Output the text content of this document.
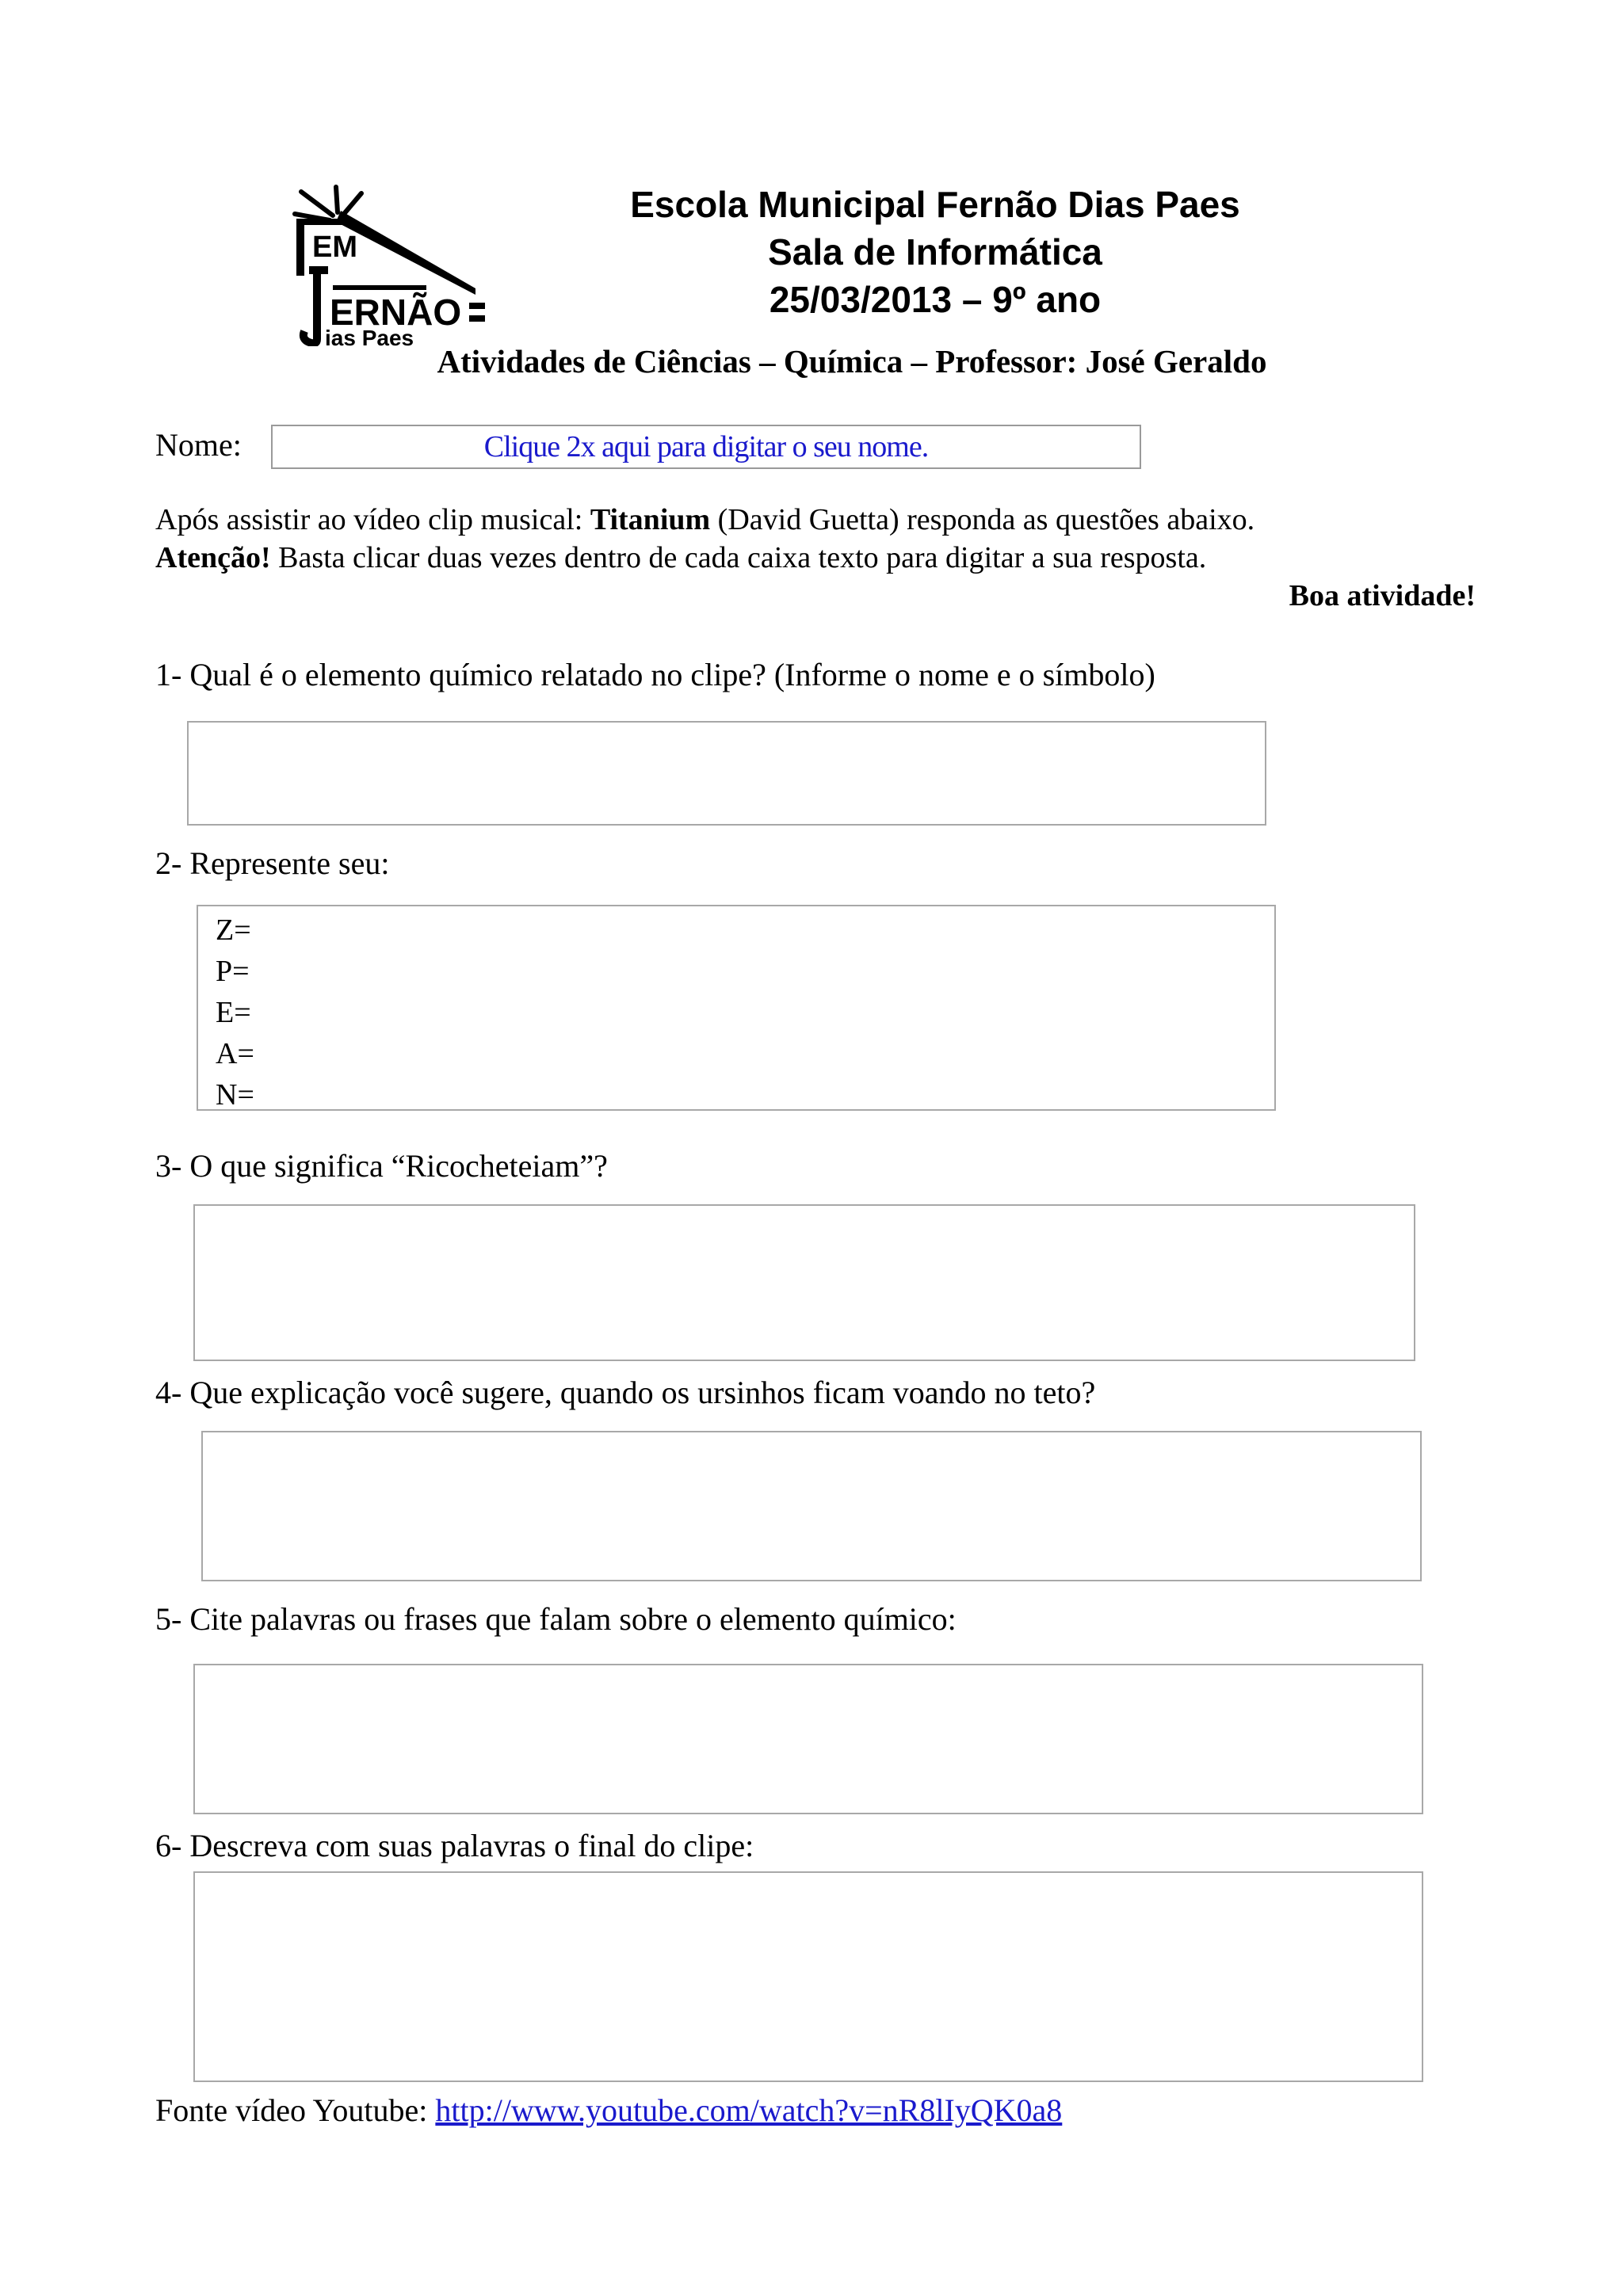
EM
ERNÃO
ias Paes
Escola Municipal Fernão Dias Paes
Sala de Informática
25/03/2013 – 9º ano
Atividades de Ciências – Química – Professor: José Geraldo
Nome:	Clique 2x aqui para digitar o seu nome.
Após assistir ao vídeo clip musical: Titanium (David Guetta) responda as questões abaixo.
Atenção! Basta clicar duas vezes dentro de cada caixa texto para digitar a sua resposta.
Boa atividade!
1- Qual é o elemento químico relatado no clipe? (Informe o nome e o símbolo)
2- Represente seu:
Z=
P=
E=
A=
N=
3- O que significa “Ricocheteiam”?
4- Que explicação você sugere, quando os ursinhos ficam voando no teto?
5- Cite palavras ou frases que falam sobre o elemento químico:
6- Descreva com suas palavras o final do clipe:
Fonte vídeo Youtube: http://www.youtube.com/watch?v=nR8lIyQK0a8
